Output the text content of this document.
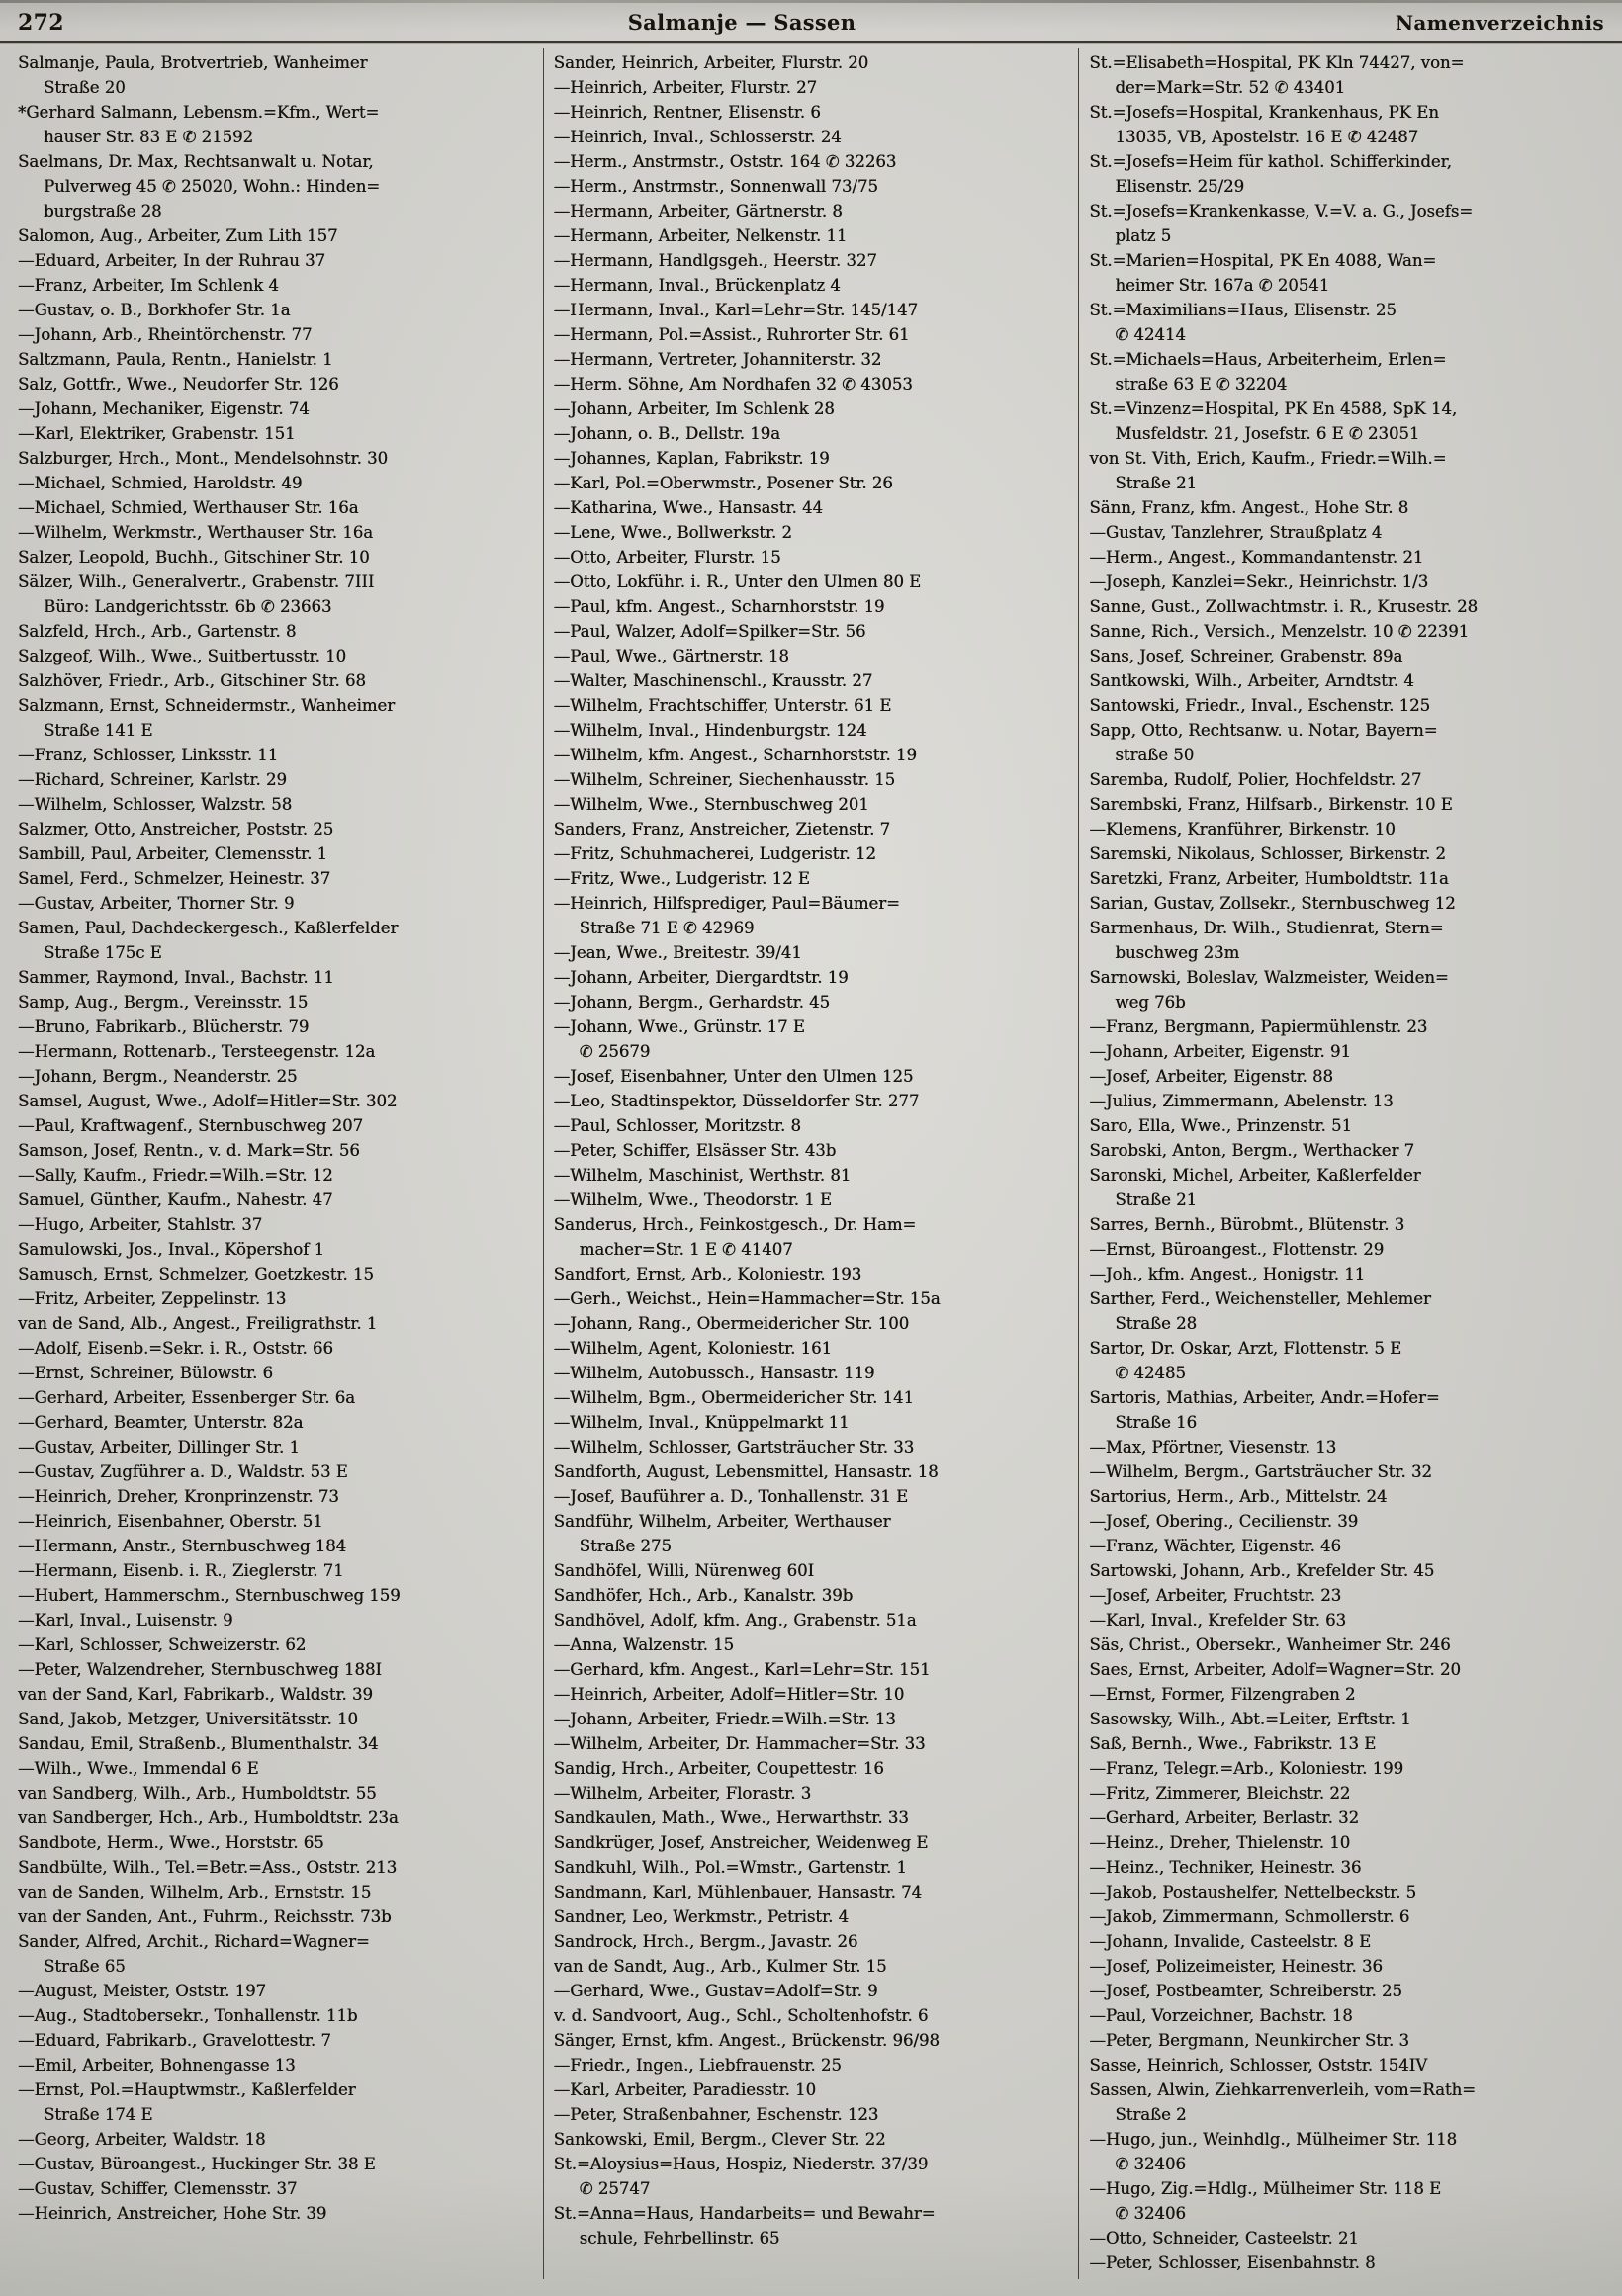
272	Salmanje — Sassen	Namenverzeichnis
Salmanje, Paula, Brotvertrieb, Wanheimer
Straße 20
*Gerhard Salmann, Lebensm.=Kfm., Wert=
hauser Str. 83 E ✆ 21592
Saelmans, Dr. Max, Rechtsanwalt u. Notar,
Pulverweg 45 ✆ 25020, Wohn.: Hinden=
burgstraße 28
Salomon, Aug., Arbeiter, Zum Lith 157
—Eduard, Arbeiter, In der Ruhrau 37
—Franz, Arbeiter, Im Schlenk 4
—Gustav, o. B., Borkhofer Str. 1a
—Johann, Arb., Rheintörchenstr. 77
Saltzmann, Paula, Rentn., Hanielstr. 1
Salz, Gottfr., Wwe., Neudorfer Str. 126
—Johann, Mechaniker, Eigenstr. 74
—Karl, Elektriker, Grabenstr. 151
Salzburger, Hrch., Mont., Mendelsohnstr. 30
—Michael, Schmied, Haroldstr. 49
—Michael, Schmied, Werthauser Str. 16a
—Wilhelm, Werkmstr., Werthauser Str. 16a
Salzer, Leopold, Buchh., Gitschiner Str. 10
Sälzer, Wilh., Generalvertr., Grabenstr. 7III
Büro: Landgerichtsstr. 6b ✆ 23663
Salzfeld, Hrch., Arb., Gartenstr. 8
Salzgeof, Wilh., Wwe., Suitbertusstr. 10
Salzhöver, Friedr., Arb., Gitschiner Str. 68
Salzmann, Ernst, Schneidermstr., Wanheimer
Straße 141 E
—Franz, Schlosser, Linksstr. 11
—Richard, Schreiner, Karlstr. 29
—Wilhelm, Schlosser, Walzstr. 58
Salzmer, Otto, Anstreicher, Poststr. 25
Sambill, Paul, Arbeiter, Clemensstr. 1
Samel, Ferd., Schmelzer, Heinestr. 37
—Gustav, Arbeiter, Thorner Str. 9
Samen, Paul, Dachdeckergesch., Kaßlerfelder
Straße 175c E
Sammer, Raymond, Inval., Bachstr. 11
Samp, Aug., Bergm., Vereinsstr. 15
—Bruno, Fabrikarb., Blücherstr. 79
—Hermann, Rottenarb., Tersteegenstr. 12a
—Johann, Bergm., Neanderstr. 25
Samsel, August, Wwe., Adolf=Hitler=Str. 302
—Paul, Kraftwagenf., Sternbuschweg 207
Samson, Josef, Rentn., v. d. Mark=Str. 56
—Sally, Kaufm., Friedr.=Wilh.=Str. 12
Samuel, Günther, Kaufm., Nahestr. 47
—Hugo, Arbeiter, Stahlstr. 37
Samulowski, Jos., Inval., Köpershof 1
Samusch, Ernst, Schmelzer, Goetzkestr. 15
—Fritz, Arbeiter, Zeppelinstr. 13
van de Sand, Alb., Angest., Freiligrathstr. 1
—Adolf, Eisenb.=Sekr. i. R., Oststr. 66
—Ernst, Schreiner, Bülowstr. 6
—Gerhard, Arbeiter, Essenberger Str. 6a
—Gerhard, Beamter, Unterstr. 82a
—Gustav, Arbeiter, Dillinger Str. 1
—Gustav, Zugführer a. D., Waldstr. 53 E
—Heinrich, Dreher, Kronprinzenstr. 73
—Heinrich, Eisenbahner, Oberstr. 51
—Hermann, Anstr., Sternbuschweg 184
—Hermann, Eisenb. i. R., Zieglerstr. 71
—Hubert, Hammerschm., Sternbuschweg 159
—Karl, Inval., Luisenstr. 9
—Karl, Schlosser, Schweizerstr. 62
—Peter, Walzendreher, Sternbuschweg 188I
van der Sand, Karl, Fabrikarb., Waldstr. 39
Sand, Jakob, Metzger, Universitätsstr. 10
Sandau, Emil, Straßenb., Blumenthalstr. 34
—Wilh., Wwe., Immendal 6 E
van Sandberg, Wilh., Arb., Humboldtstr. 55
van Sandberger, Hch., Arb., Humboldtstr. 23a
Sandbote, Herm., Wwe., Horststr. 65
Sandbülte, Wilh., Tel.=Betr.=Ass., Oststr. 213
van de Sanden, Wilhelm, Arb., Ernststr. 15
van der Sanden, Ant., Fuhrm., Reichsstr. 73b
Sander, Alfred, Archit., Richard=Wagner=
Straße 65
—August, Meister, Oststr. 197
—Aug., Stadtobersekr., Tonhallenstr. 11b
—Eduard, Fabrikarb., Gravelottestr. 7
—Emil, Arbeiter, Bohnengasse 13
—Ernst, Pol.=Hauptwmstr., Kaßlerfelder
Straße 174 E
—Georg, Arbeiter, Waldstr. 18
—Gustav, Büroangest., Huckinger Str. 38 E
—Gustav, Schiffer, Clemensstr. 37
—Heinrich, Anstreicher, Hohe Str. 39
Sander, Heinrich, Arbeiter, Flurstr. 20
—Heinrich, Arbeiter, Flurstr. 27
—Heinrich, Rentner, Elisenstr. 6
—Heinrich, Inval., Schlosserstr. 24
—Herm., Anstrmstr., Oststr. 164 ✆ 32263
—Herm., Anstrmstr., Sonnenwall 73/75
—Hermann, Arbeiter, Gärtnerstr. 8
—Hermann, Arbeiter, Nelkenstr. 11
—Hermann, Handlgsgeh., Heerstr. 327
—Hermann, Inval., Brückenplatz 4
—Hermann, Inval., Karl=Lehr=Str. 145/147
—Hermann, Pol.=Assist., Ruhrorter Str. 61
—Hermann, Vertreter, Johanniterstr. 32
—Herm. Söhne, Am Nordhafen 32 ✆ 43053
—Johann, Arbeiter, Im Schlenk 28
—Johann, o. B., Dellstr. 19a
—Johannes, Kaplan, Fabrikstr. 19
—Karl, Pol.=Oberwmstr., Posener Str. 26
—Katharina, Wwe., Hansastr. 44
—Lene, Wwe., Bollwerkstr. 2
—Otto, Arbeiter, Flurstr. 15
—Otto, Lokführ. i. R., Unter den Ulmen 80 E
—Paul, kfm. Angest., Scharnhorststr. 19
—Paul, Walzer, Adolf=Spilker=Str. 56
—Paul, Wwe., Gärtnerstr. 18
—Walter, Maschinenschl., Krausstr. 27
—Wilhelm, Frachtschiffer, Unterstr. 61 E
—Wilhelm, Inval., Hindenburgstr. 124
—Wilhelm, kfm. Angest., Scharnhorststr. 19
—Wilhelm, Schreiner, Siechenhausstr. 15
—Wilhelm, Wwe., Sternbuschweg 201
Sanders, Franz, Anstreicher, Zietenstr. 7
—Fritz, Schuhmacherei, Ludgeristr. 12
—Fritz, Wwe., Ludgeristr. 12 E
—Heinrich, Hilfsprediger, Paul=Bäumer=
Straße 71 E ✆ 42969
—Jean, Wwe., Breitestr. 39/41
—Johann, Arbeiter, Diergardtstr. 19
—Johann, Bergm., Gerhardstr. 45
—Johann, Wwe., Grünstr. 17 E
✆ 25679
—Josef, Eisenbahner, Unter den Ulmen 125
—Leo, Stadtinspektor, Düsseldorfer Str. 277
—Paul, Schlosser, Moritzstr. 8
—Peter, Schiffer, Elsässer Str. 43b
—Wilhelm, Maschinist, Werthstr. 81
—Wilhelm, Wwe., Theodorstr. 1 E
Sanderus, Hrch., Feinkostgesch., Dr. Ham=
macher=Str. 1 E ✆ 41407
Sandfort, Ernst, Arb., Koloniestr. 193
—Gerh., Weichst., Hein=Hammacher=Str. 15a
—Johann, Rang., Obermeidericher Str. 100
—Wilhelm, Agent, Koloniestr. 161
—Wilhelm, Autobussch., Hansastr. 119
—Wilhelm, Bgm., Obermeidericher Str. 141
—Wilhelm, Inval., Knüppelmarkt 11
—Wilhelm, Schlosser, Gartsträucher Str. 33
Sandforth, August, Lebensmittel, Hansastr. 18
—Josef, Bauführer a. D., Tonhallenstr. 31 E
Sandführ, Wilhelm, Arbeiter, Werthauser
Straße 275
Sandhöfel, Willi, Nürenweg 60I
Sandhöfer, Hch., Arb., Kanalstr. 39b
Sandhövel, Adolf, kfm. Ang., Grabenstr. 51a
—Anna, Walzenstr. 15
—Gerhard, kfm. Angest., Karl=Lehr=Str. 151
—Heinrich, Arbeiter, Adolf=Hitler=Str. 10
—Johann, Arbeiter, Friedr.=Wilh.=Str. 13
—Wilhelm, Arbeiter, Dr. Hammacher=Str. 33
Sandig, Hrch., Arbeiter, Coupettestr. 16
—Wilhelm, Arbeiter, Florastr. 3
Sandkaulen, Math., Wwe., Herwarthstr. 33
Sandkrüger, Josef, Anstreicher, Weidenweg E
Sandkuhl, Wilh., Pol.=Wmstr., Gartenstr. 1
Sandmann, Karl, Mühlenbauer, Hansastr. 74
Sandner, Leo, Werkmstr., Petristr. 4
Sandrock, Hrch., Bergm., Javastr. 26
van de Sandt, Aug., Arb., Kulmer Str. 15
—Gerhard, Wwe., Gustav=Adolf=Str. 9
v. d. Sandvoort, Aug., Schl., Scholtenhofstr. 6
Sänger, Ernst, kfm. Angest., Brückenstr. 96/98
—Friedr., Ingen., Liebfrauenstr. 25
—Karl, Arbeiter, Paradiesstr. 10
—Peter, Straßenbahner, Eschenstr. 123
Sankowski, Emil, Bergm., Clever Str. 22
St.=Aloysius=Haus, Hospiz, Niederstr. 37/39
✆ 25747
St.=Anna=Haus, Handarbeits= und Bewahr=
schule, Fehrbellinstr. 65
St.=Elisabeth=Hospital, PK Kln 74427, von=
der=Mark=Str. 52 ✆ 43401
St.=Josefs=Hospital, Krankenhaus, PK En
13035, VB, Apostelstr. 16 E ✆ 42487
St.=Josefs=Heim für kathol. Schifferkinder,
Elisenstr. 25/29
St.=Josefs=Krankenkasse, V.=V. a. G., Josefs=
platz 5
St.=Marien=Hospital, PK En 4088, Wan=
heimer Str. 167a ✆ 20541
St.=Maximilians=Haus, Elisenstr. 25
✆ 42414
St.=Michaels=Haus, Arbeiterheim, Erlen=
straße 63 E ✆ 32204
St.=Vinzenz=Hospital, PK En 4588, SpK 14,
Musfeldstr. 21, Josefstr. 6 E ✆ 23051
von St. Vith, Erich, Kaufm., Friedr.=Wilh.=
Straße 21
Sänn, Franz, kfm. Angest., Hohe Str. 8
—Gustav, Tanzlehrer, Straußplatz 4
—Herm., Angest., Kommandantenstr. 21
—Joseph, Kanzlei=Sekr., Heinrichstr. 1/3
Sanne, Gust., Zollwachtmstr. i. R., Krusestr. 28
Sanne, Rich., Versich., Menzelstr. 10 ✆ 22391
Sans, Josef, Schreiner, Grabenstr. 89a
Santkowski, Wilh., Arbeiter, Arndtstr. 4
Santowski, Friedr., Inval., Eschenstr. 125
Sapp, Otto, Rechtsanw. u. Notar, Bayern=
straße 50
Saremba, Rudolf, Polier, Hochfeldstr. 27
Sarembski, Franz, Hilfsarb., Birkenstr. 10 E
—Klemens, Kranführer, Birkenstr. 10
Saremski, Nikolaus, Schlosser, Birkenstr. 2
Saretzki, Franz, Arbeiter, Humboldtstr. 11a
Sarian, Gustav, Zollsekr., Sternbuschweg 12
Sarmenhaus, Dr. Wilh., Studienrat, Stern=
buschweg 23m
Sarnowski, Boleslav, Walzmeister, Weiden=
weg 76b
—Franz, Bergmann, Papiermühlenstr. 23
—Johann, Arbeiter, Eigenstr. 91
—Josef, Arbeiter, Eigenstr. 88
—Julius, Zimmermann, Abelenstr. 13
Saro, Ella, Wwe., Prinzenstr. 51
Sarobski, Anton, Bergm., Werthacker 7
Saronski, Michel, Arbeiter, Kaßlerfelder
Straße 21
Sarres, Bernh., Bürobmt., Blütenstr. 3
—Ernst, Büroangest., Flottenstr. 29
—Joh., kfm. Angest., Honigstr. 11
Sarther, Ferd., Weichensteller, Mehlemer
Straße 28
Sartor, Dr. Oskar, Arzt, Flottenstr. 5 E
✆ 42485
Sartoris, Mathias, Arbeiter, Andr.=Hofer=
Straße 16
—Max, Pförtner, Viesenstr. 13
—Wilhelm, Bergm., Gartsträucher Str. 32
Sartorius, Herm., Arb., Mittelstr. 24
—Josef, Obering., Cecilienstr. 39
—Franz, Wächter, Eigenstr. 46
Sartowski, Johann, Arb., Krefelder Str. 45
—Josef, Arbeiter, Fruchtstr. 23
—Karl, Inval., Krefelder Str. 63
Säs, Christ., Obersekr., Wanheimer Str. 246
Saes, Ernst, Arbeiter, Adolf=Wagner=Str. 20
—Ernst, Former, Filzengraben 2
Sasowsky, Wilh., Abt.=Leiter, Erftstr. 1
Saß, Bernh., Wwe., Fabrikstr. 13 E
—Franz, Telegr.=Arb., Koloniestr. 199
—Fritz, Zimmerer, Bleichstr. 22
—Gerhard, Arbeiter, Berlastr. 32
—Heinz., Dreher, Thielenstr. 10
—Heinz., Techniker, Heinestr. 36
—Jakob, Postaushelfer, Nettelbeckstr. 5
—Jakob, Zimmermann, Schmollerstr. 6
—Johann, Invalide, Casteelstr. 8 E
—Josef, Polizeimeister, Heinestr. 36
—Josef, Postbeamter, Schreiberstr. 25
—Paul, Vorzeichner, Bachstr. 18
—Peter, Bergmann, Neunkircher Str. 3
Sasse, Heinrich, Schlosser, Oststr. 154IV
Sassen, Alwin, Ziehkarrenverleih, vom=Rath=
Straße 2
—Hugo, jun., Weinhdlg., Mülheimer Str. 118
✆ 32406
—Hugo, Zig.=Hdlg., Mülheimer Str. 118 E
✆ 32406
—Otto, Schneider, Casteelstr. 21
—Peter, Schlosser, Eisenbahnstr. 8
